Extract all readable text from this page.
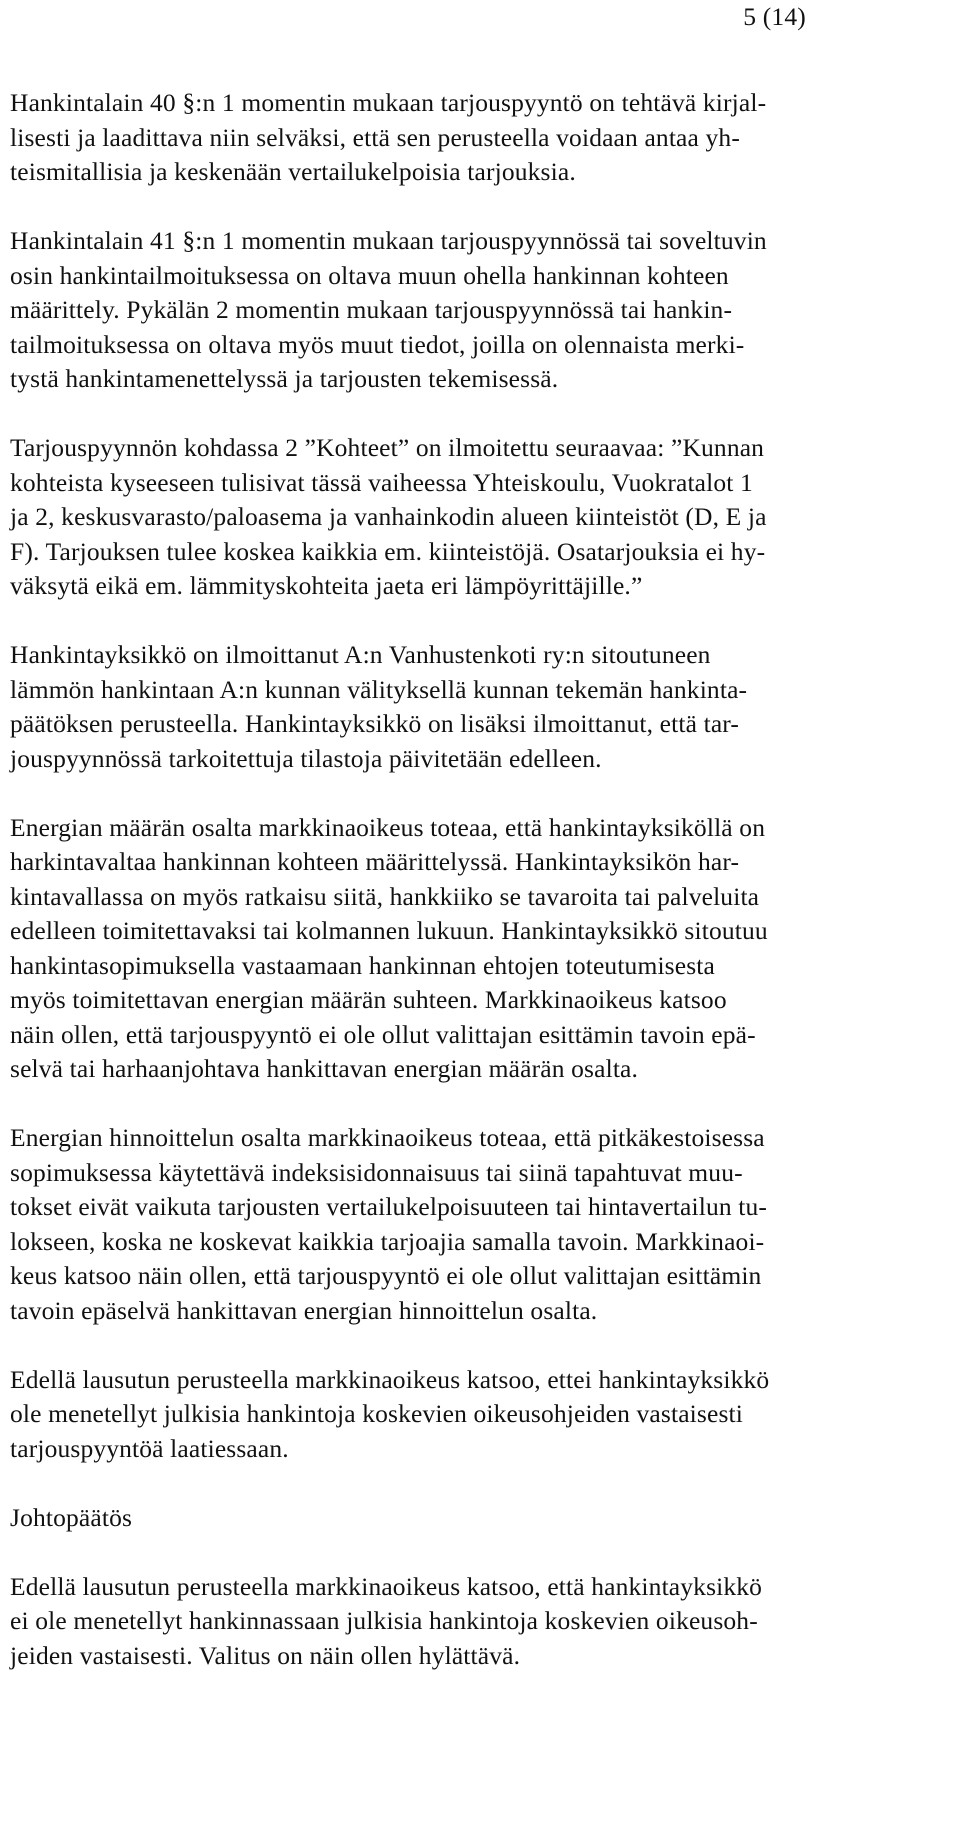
5 (14)
Hankintalain 40 §:n 1 momentin mukaan tarjouspyyntö on tehtävä kirjal-
lisesti ja laadittava niin selväksi, että sen perusteella voidaan antaa yh-
teismitallisia ja keskenään vertailukelpoisia tarjouksia.
Hankintalain 41 §:n 1 momentin mukaan tarjouspyynnössä tai soveltuvin
osin hankintailmoituksessa on oltava muun ohella hankinnan kohteen
määrittely. Pykälän 2 momentin mukaan tarjouspyynnössä tai hankin-
tailmoituksessa on oltava myös muut tiedot, joilla on olennaista merki-
tystä hankintamenettelyssä ja tarjousten tekemisessä.
Tarjouspyynnön kohdassa 2 ”Kohteet” on ilmoitettu seuraavaa: ”Kunnan
kohteista kyseeseen tulisivat tässä vaiheessa Yhteiskoulu, Vuokratalot 1
ja 2, keskusvarasto/paloasema ja vanhainkodin alueen kiinteistöt (D, E ja
F). Tarjouksen tulee koskea kaikkia em. kiinteistöjä. Osatarjouksia ei hy-
väksytä eikä em. lämmityskohteita jaeta eri lämpöyrittäjille.”
Hankintayksikkö on ilmoittanut A:n Vanhustenkoti ry:n sitoutuneen
lämmön hankintaan A:n kunnan välityksellä kunnan tekemän hankinta-
päätöksen perusteella. Hankintayksikkö on lisäksi ilmoittanut, että tar-
jouspyynnössä tarkoitettuja tilastoja päivitetään edelleen.
Energian määrän osalta markkinaoikeus toteaa, että hankintayksiköllä on
harkintavaltaa hankinnan kohteen määrittelyssä. Hankintayksikön har-
kintavallassa on myös ratkaisu siitä, hankkiiko se tavaroita tai palveluita
edelleen toimitettavaksi tai kolmannen lukuun. Hankintayksikkö sitoutuu
hankintasopimuksella vastaamaan hankinnan ehtojen toteutumisesta
myös toimitettavan energian määrän suhteen. Markkinaoikeus katsoo
näin ollen, että tarjouspyyntö ei ole ollut valittajan esittämin tavoin epä-
selvä tai harhaanjohtava hankittavan energian määrän osalta.
Energian hinnoittelun osalta markkinaoikeus toteaa, että pitkäkestoisessa
sopimuksessa käytettävä indeksisidonnaisuus tai siinä tapahtuvat muu-
tokset eivät vaikuta tarjousten vertailukelpoisuuteen tai hintavertailun tu-
lokseen, koska ne koskevat kaikkia tarjoajia samalla tavoin. Markkinaoi-
keus katsoo näin ollen, että tarjouspyyntö ei ole ollut valittajan esittämin
tavoin epäselvä hankittavan energian hinnoittelun osalta.
Edellä lausutun perusteella markkinaoikeus katsoo, ettei hankintayksikkö
ole menetellyt julkisia hankintoja koskevien oikeusohjeiden vastaisesti
tarjouspyyntöä laatiessaan.
Johtopäätös
Edellä lausutun perusteella markkinaoikeus katsoo, että hankintayksikkö
ei ole menetellyt hankinnassaan julkisia hankintoja koskevien oikeusoh-
jeiden vastaisesti. Valitus on näin ollen hylättävä.
